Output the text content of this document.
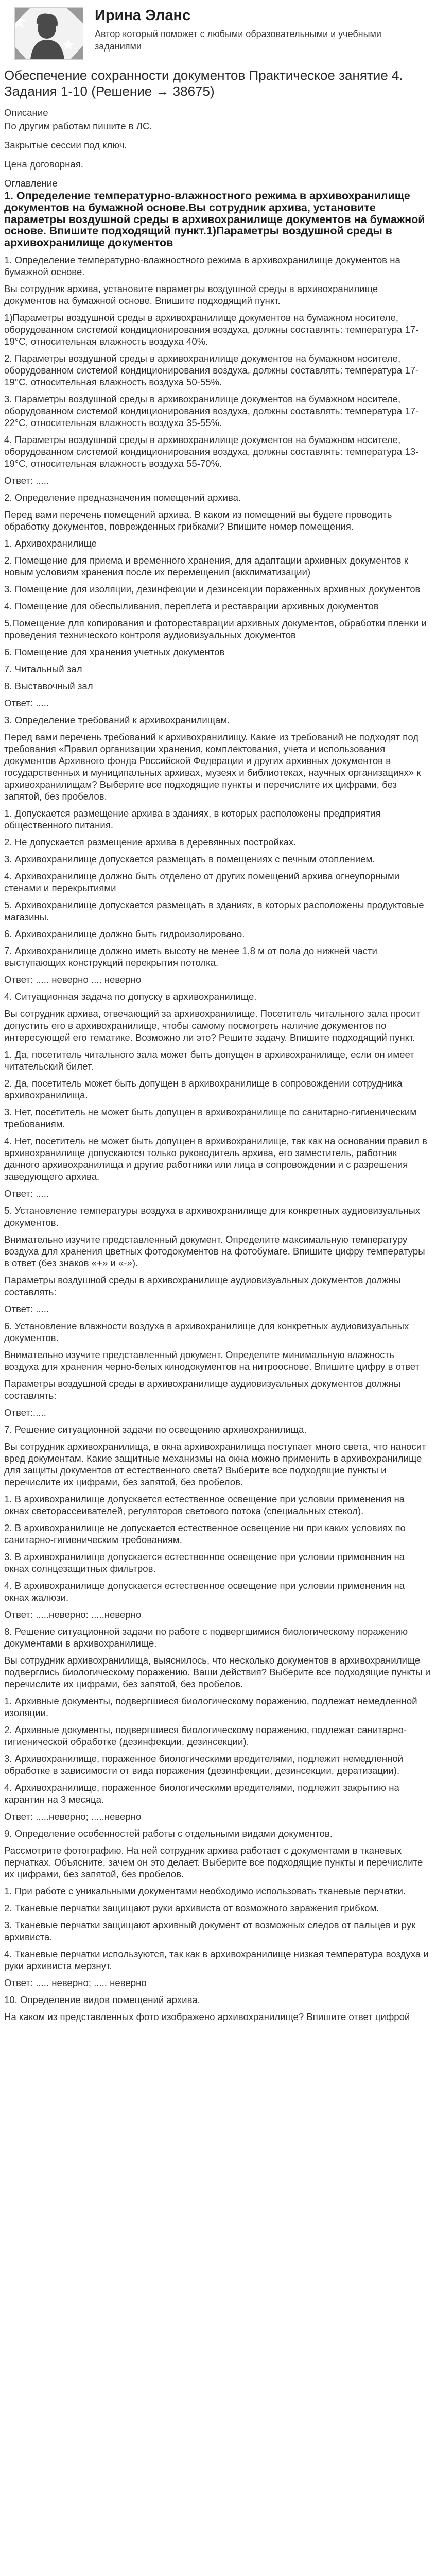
Ирина Эланс
Автор который поможет с любыми образовательными и учебными заданиями
Обеспечение сохранности документов Практическое занятие 4. Задания 1-10 (Решение → 38675)
Описание

По другим работам пишите в ЛС.

Закрытые сессии под ключ.

Цена договорная.

Оглавление
1. Определение температурно-влажностного режима в архивохранилище документов на бумажной основе.Вы сотрудник архива, установите параметры воздушной среды в архивохранилище документов на бумажной основе. Впишите подходящий пункт.1)Параметры воздушной среды в архивохранилище документов

1. Определение температурно-влажностного режима в архивохранилище документов на бумажной основе.

Вы сотрудник архива, установите параметры воздушной среды в архивохранилище документов на бумажной основе. Впишите подходящий пункт.

1)Параметры воздушной среды в архивохранилище документов на бумажном носителе, оборудованном системой кондиционирования воздуха, должны составлять: температура 17-19°С, относительная влажность воздуха 40%.

2. Параметры воздушной среды в архивохранилище документов на бумажном носителе, оборудованном системой кондиционирования воздуха, должны составлять: температура 17-19°С, относительная влажность воздуха 50-55%.

3. Параметры воздушной среды в архивохранилище документов на бумажном носителе, оборудованном системой кондиционирования воздуха, должны составлять: температура 17-22°С, относительная влажность воздуха 35-55%.

4. Параметры воздушной среды в архивохранилище документов на бумажном носителе, оборудованном системой кондиционирования воздуха, должны составлять: температура 13-19°С, относительная влажность воздуха 55-70%.

Ответ: .....

2. Определение предназначения помещений архива.

Перед вами перечень помещений архива. В каком из помещений вы будете проводить обработку документов, поврежденных грибками? Впишите номер помещения.

1. Архивохранилище

2. Помещение для приема и временного хранения, для адаптации архивных документов к новым условиям хранения после их перемещения (акклиматизации)

3. Помещение для изоляции, дезинфекции и дезинсекции пораженных архивных документов

4. Помещение для обеспыливания, переплета и реставрации архивных документов

5.Помещение для копирования и фотореставрации архивных документов, обработки пленки и проведения технического контроля аудиовизуальных документов

6. Помещение для хранения учетных документов

7. Читальный зал

8. Выставочный зал

Ответ: .....

3. Определение требований к архивохранилищам.

Перед вами перечень требований к архивохранилищу. Какие из требований не подходят под требования «Правил организации хранения, комплектования, учета и использования документов Архивного фонда Российской Федерации и других архивных документов в государственных и муниципальных архивах, музеях и библиотеках, научных организациях» к архивохранилищам? Выберите все подходящие пункты и перечислите их цифрами, без запятой, без пробелов.

1. Допускается размещение архива в зданиях, в которых расположены предприятия общественного питания.

2. Не допускается размещение архива в деревянных постройках.

3. Архивохранилище допускается размещать в помещениях с печным отоплением.

4. Архивохранилище должно быть отделено от других помещений архива огнеупорными стенами и перекрытиями

5. Архивохранилище допускается размещать в зданиях, в которых расположены продуктовые магазины.

6. Архивохранилище должно быть гидроизолировано.

7. Архивохранилище должно иметь высоту не менее 1,8 м от пола до нижней части выступающих конструкций перекрытия потолка.

Ответ: ..... неверно .... неверно

4. Ситуационная задача по допуску в архивохранилище.

Вы сотрудник архива, отвечающий за архивохранилище. Посетитель читального зала просит допустить его в архивохранилище, чтобы самому посмотреть наличие документов по интересующей его тематике. Возможно ли это? Решите задачу. Впишите подходящий пункт.

1. Да, посетитель читального зала может быть допущен в архивохранилище, если он имеет читательский билет.

2. Да, посетитель может быть допущен в архивохранилище в сопровождении сотрудника архивохранилища.

3. Нет, посетитель не может быть допущен в архивохранилище по санитарно-гигиеническим требованиям.

4. Нет, посетитель не может быть допущен в архивохранилище, так как на основании правил в архивохранилище допускаются только руководитель архива, его заместитель, работник данного архивохранилища и другие работники или лица в сопровождении и с разрешения заведующего архива.

Ответ: .....

5. Установление температуры воздуха в архивохранилище для конкретных аудиовизуальных документов.

Внимательно изучите представленный документ. Определите максимальную температуру воздуха для хранения цветных фотодокументов на фотобумаге. Впишите цифру температуры в ответ (без знаков «+» и «-»).

Параметры воздушной среды в архивохранилище аудиовизуальных документов должны составлять:

Ответ: .....

6. Установление влажности воздуха в архивохранилище для конкретных аудиовизуальных документов.

Внимательно изучите представленный документ. Определите минимальную влажность воздуха для хранения черно-белых кинодокументов на нитрооснове. Впишите цифру в ответ

Параметры воздушной среды в архивохранилище аудиовизуальных документов должны составлять:

Ответ:.....

7. Решение ситуационной задачи по освещению архивохранилища.

Вы сотрудник архивохранилища, в окна архивохранилища поступает много света, что наносит вред документам. Какие защитные механизмы на окна можно применить в архивохранилище для защиты документов от естественного света? Выберите все подходящие пункты и перечислите их цифрами, без запятой, без пробелов.

1. В архивохранилище допускается естественное освещение при условии применения на окнах светорассеивателей, регуляторов светового потока (специальных стекол).

2. В архивохранилище не допускается естественное освещение ни при каких условиях по санитарно-гигиеническим требованиям.

3. В архивохранилище допускается естественное освещение при условии применения на окнах солнцезащитных фильтров.

4. В архивохранилище допускается естественное освещение при условии применения на окнах жалюзи.

Ответ: .....неверно: .....неверно

8. Решение ситуационной задачи по работе с подвергшимися биологическому поражению документами в архивохранилище.

Вы сотрудник архивохранилища, выяснилось, что несколько документов в архивохранилище подверглись биологическому поражению. Ваши действия? Выберите все подходящие пункты и перечислите их цифрами, без запятой, без пробелов.

1. Архивные документы, подвергшиеся биологическому поражению, подлежат немедленной изоляции.

2. Архивные документы, подвергшиеся биологическому поражению, подлежат санитарно-гигиенической обработке (дезинфекции, дезинсекции).

3. Архивохранилище, пораженное биологическими вредителями, подлежит немедленной обработке в зависимости от вида поражения (дезинфекции, дезинсекции, дератизации).

4. Архивохранилище, пораженное биологическими вредителями, подлежит закрытию на карантин на 3 месяца.

Ответ: .....неверно; .....неверно

9. Определение особенностей работы с отдельными видами документов.

Рассмотрите фотографию. На ней сотрудник архива работает с документами в тканевых перчатках. Объясните, зачем он это делает. Выберите все подходящие пункты и перечислите их цифрами, без запятой, без пробелов.

1. При работе с уникальными документами необходимо использовать тканевые перчатки.

2. Тканевые перчатки защищают руки архивиста от возможного заражения грибком.

3. Тканевые перчатки защищают архивный документ от возможных следов от пальцев и рук архивиста.

4. Тканевые перчатки используются, так как в архивохранилище низкая температура воздуха и руки архивиста мерзнут.

Ответ: ..... неверно; ..... неверно

10. Определение видов помещений архива.

На каком из представленных фото изображено архивохранилище? Впишите ответ цифрой
